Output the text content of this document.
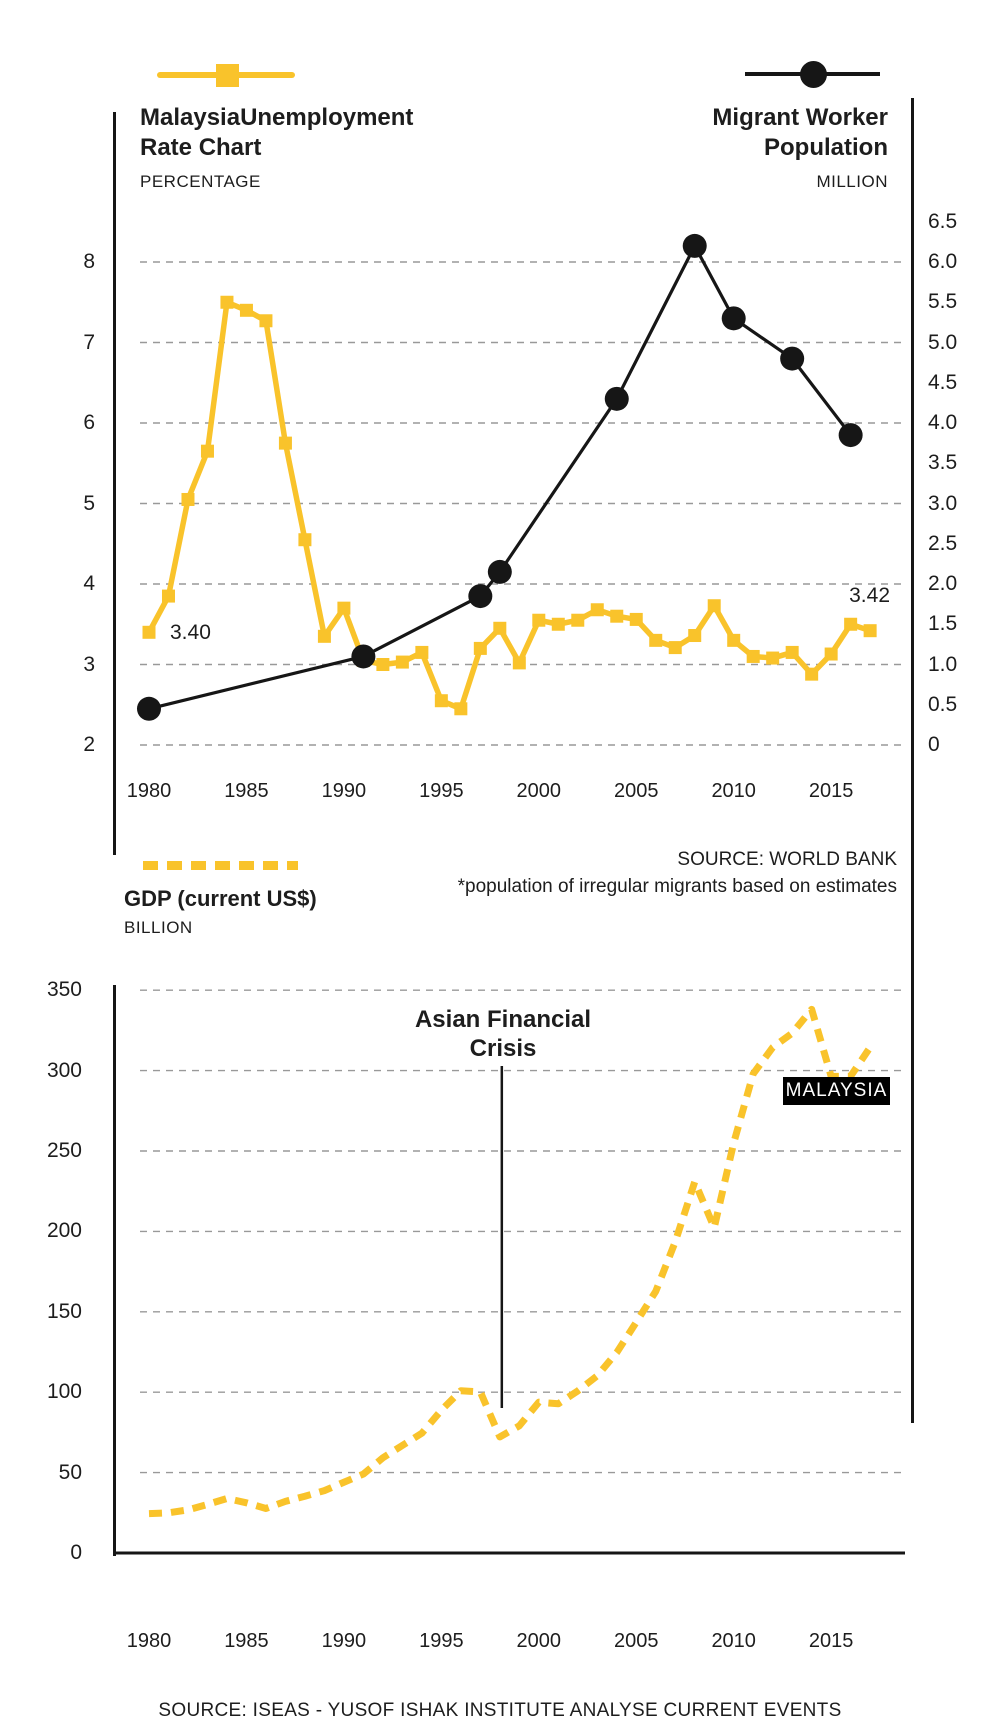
MalaysiaUnemployment
Rate Chart
PERCENTAGE
Migrant Worker
Population
MILLION
3.40
3.42
SOURCE: WORLD BANK
*population of irregular migrants based on estimates
GDP (current US$)
BILLION
Asian Financial
Crisis
MALAYSIA
SOURCE: ISEAS - YUSOF ISHAK INSTITUTE ANALYSE CURRENT EVENTS
8
7
6
5
4
3
2
6.5
6.0
5.5
5.0
4.5
4.0
3.5
3.0
2.5
2.0
1.5
1.0
0.5
0
1980	1985	1990	1995	2000	2005	2010	2015
350
300
250
200
150
100
50
0
1980	1985	1990	1995	2000	2005	2010	2015
